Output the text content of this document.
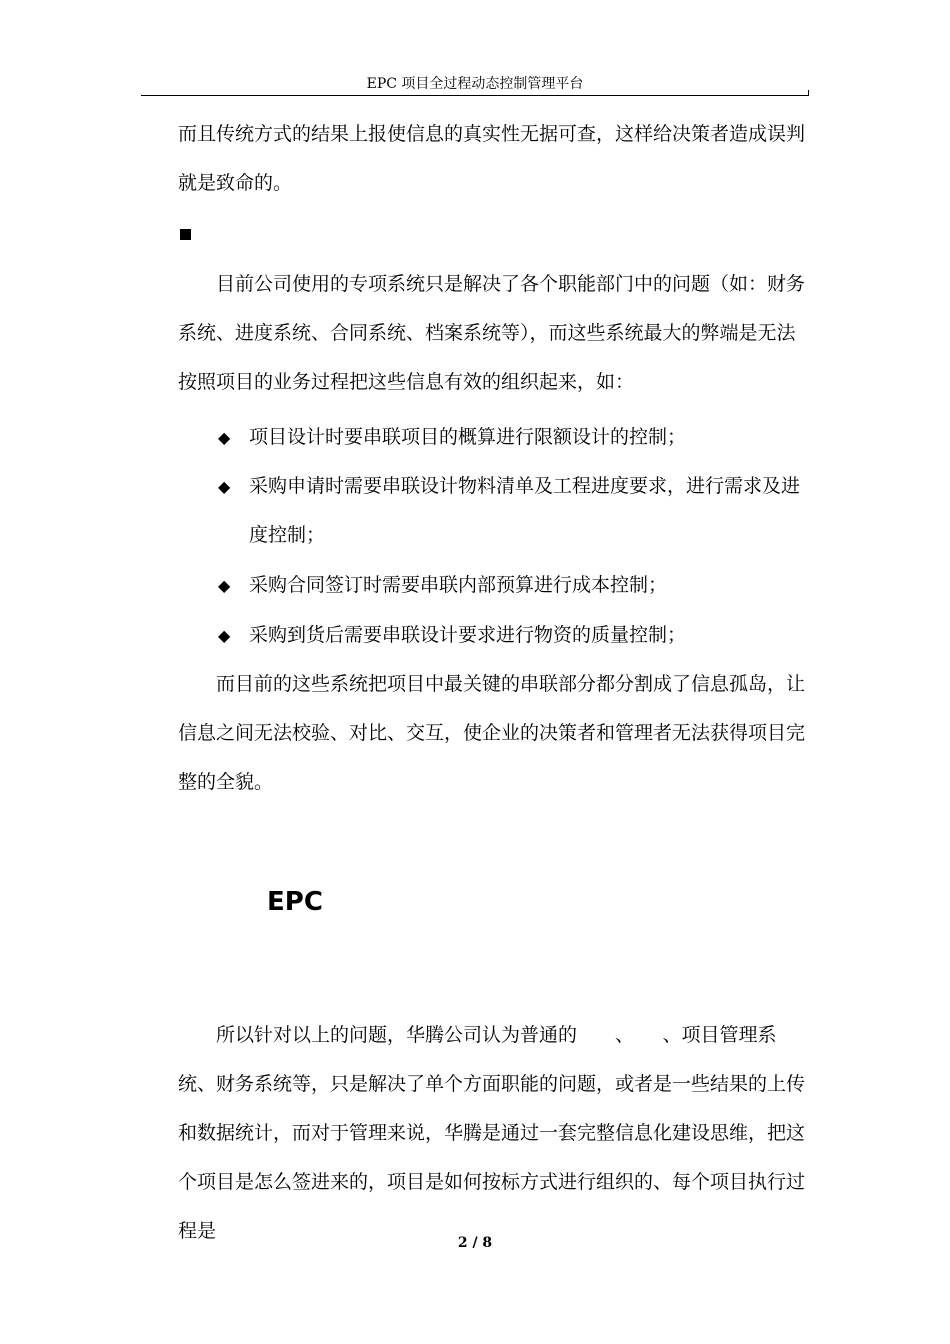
EPC 项目全过程动态控制管理平台

而且传统方式的结果上报使信息的真实性无据可查，这样给决策者造成误判就是致命的。

目前公司使用的专项系统只是解决了各个职能部门中的问题（如：财务系统、进度系统、合同系统、档案系统等），而这些系统最大的弊端是无法按照项目的业务过程把这些信息有效的组织起来，如：

◆ 项目设计时要串联项目的概算进行限额设计的控制；
◆ 采购申请时需要串联设计物料清单及工程进度要求，进行需求及进度控制；
◆ 采购合同签订时需要串联内部预算进行成本控制；
◆ 采购到货后需要串联设计要求进行物资的质量控制；

而目前的这些系统把项目中最关键的串联部分都分割成了信息孤岛，让信息之间无法校验、对比、交互，使企业的决策者和管理者无法获得项目完整的全貌。

EPC

所以针对以上的问题，华腾公司认为普通的　　、　　、项目管理系统、财务系统等，只是解决了单个方面职能的问题，或者是一些结果的上传和数据统计，而对于管理来说，华腾是通过一套完整信息化建设思维，把这个项目是怎么签进来的，项目是如何按标方式进行组织的、每个项目执行过程是

2 / 8
